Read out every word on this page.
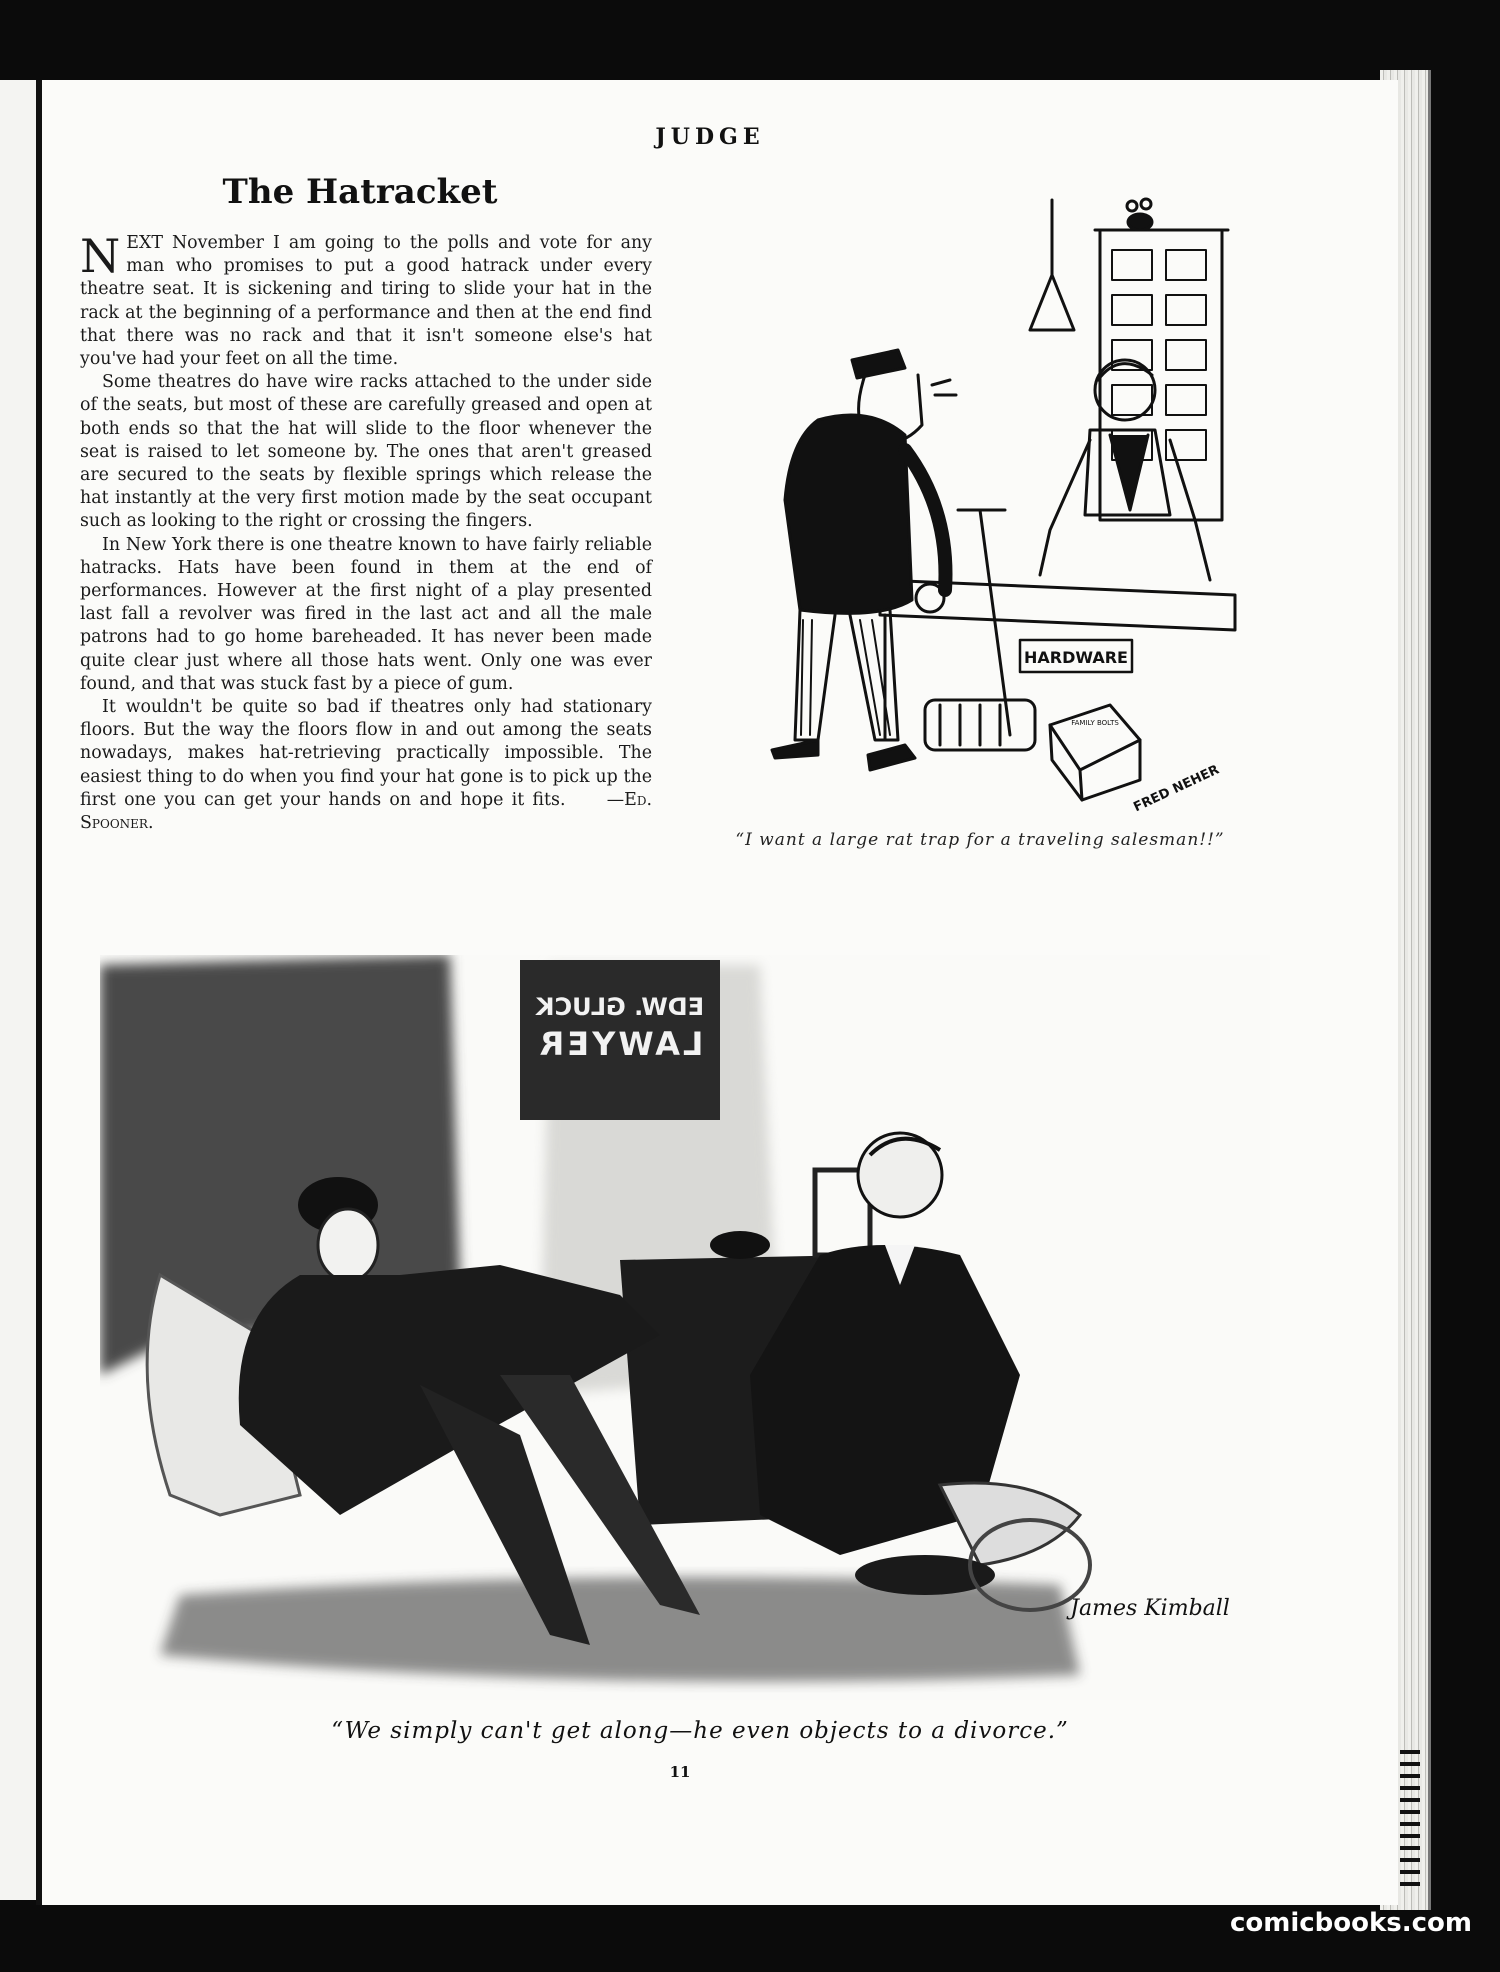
JUDGE
The Hatracket

NEXT November I am going to the polls and vote for any man who promises to put a good hatrack under every theatre seat. It is sickening and tiring to slide your hat in the rack at the beginning of a performance and then at the end find that there was no rack and that it isn't someone else's hat you've had your feet on all the time.

Some theatres do have wire racks attached to the under side of the seats, but most of these are carefully greased and open at both ends so that the hat will slide to the floor whenever the seat is raised to let someone by. The ones that aren't greased are secured to the seats by flexible springs which release the hat instantly at the very first motion made by the seat occupant such as looking to the right or crossing the fingers.

In New York there is one theatre known to have fairly reliable hatracks. Hats have been found in them at the end of performances. However at the first night of a play presented last fall a revolver was fired in the last act and all the male patrons had to go home bareheaded. It has never been made quite clear just where all those hats went. Only one was ever found, and that was stuck fast by a piece of gum.

It wouldn't be quite so bad if theatres only had stationary floors. But the way the floors flow in and out among the seats nowadays, makes hat-retrieving practically impossible. The easiest thing to do when you find your hat gone is to pick up the first one you can get your hands on and hope it fits. —Ed. Spooner.

HARDWARE
FAMILY BOLTS
FRED NEHER

“I want a large rat trap for a traveling salesman!!”

EDW. GLUCK
LAWYER
James Kimball

“We simply can't get along—he even objects to a divorce.”

11

comicbooks.com
